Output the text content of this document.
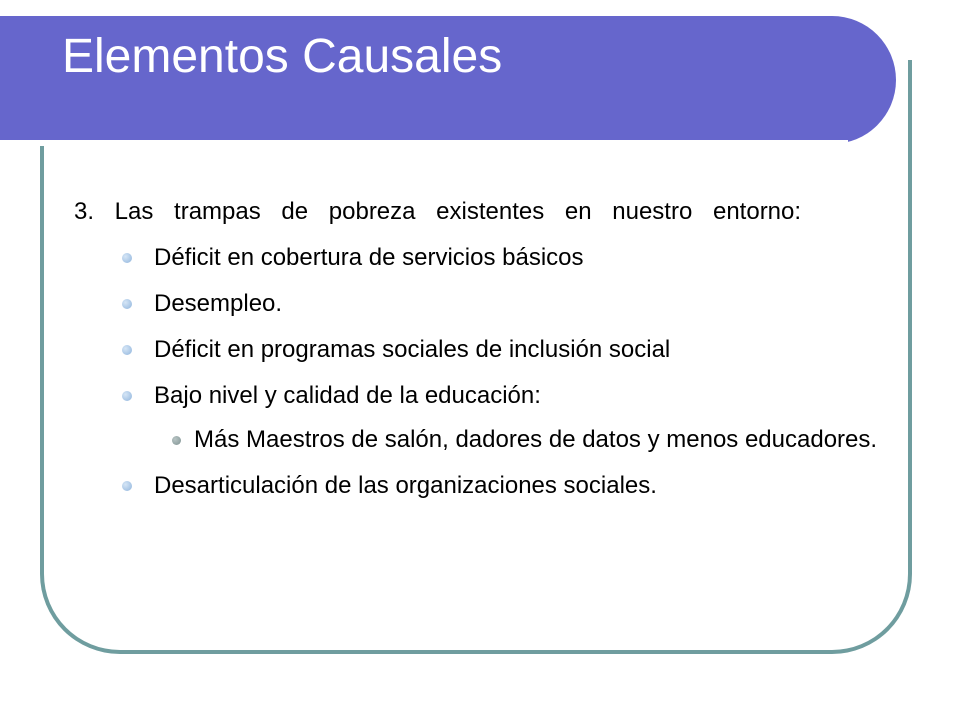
Elementos Causales

3. Las trampas de pobreza existentes en nuestro entorno:

Déficit en cobertura de servicios básicos
Desempleo.
Déficit en programas sociales de inclusión social
Bajo nivel y calidad de la educación:
Más Maestros de salón, dadores de datos y menos educadores.
Desarticulación de las organizaciones sociales.
